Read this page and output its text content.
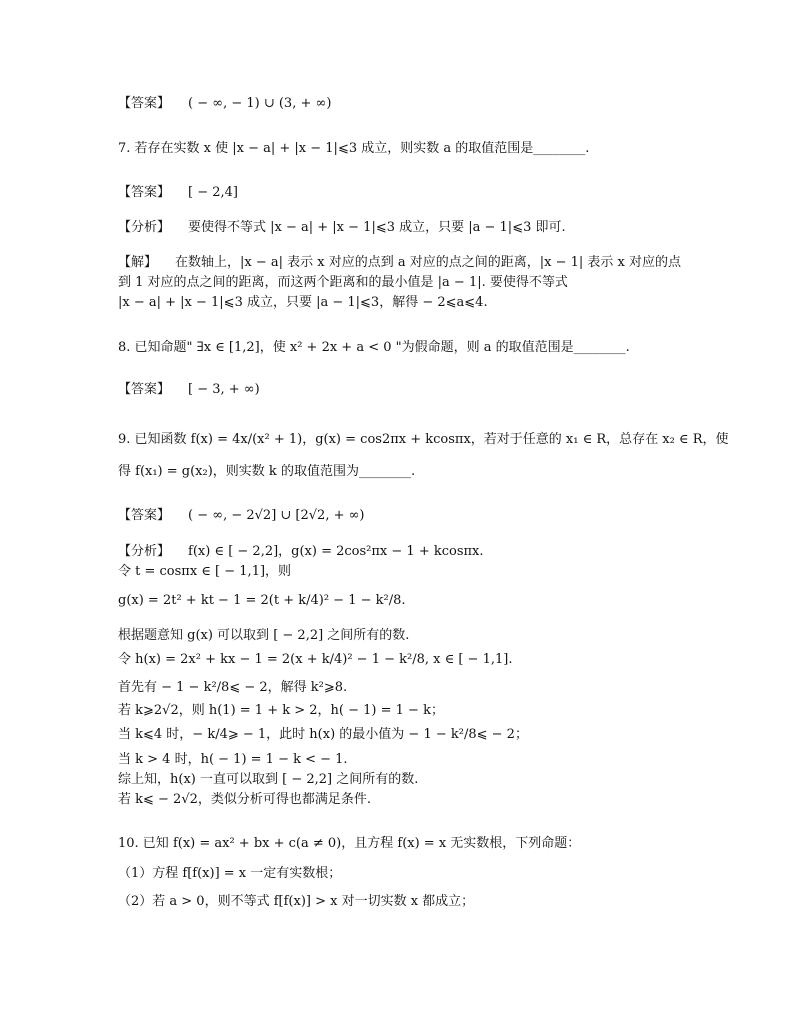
【答案】 ( − ∞, − 1) ∪ (3, + ∞)
7. 若存在实数 x 使 |x − a| + |x − 1|⩽3 成立，则实数 a 的取值范围是________.
【答案】 [ − 2,4]
【分析】 要使得不等式 |x − a| + |x − 1|⩽3 成立，只要 |a − 1|⩽3 即可.
【解】 在数轴上，|x − a| 表示 x 对应的点到 a 对应的点之间的距离，|x − 1| 表示 x 对应的点
到 1 对应的点之间的距离，而这两个距离和的最小值是 |a − 1|. 要使得不等式
|x − a| + |x − 1|⩽3 成立，只要 |a − 1|⩽3，解得 − 2⩽a⩽4.
8. 已知命题" ∃x ∈ [1,2]，使 x² + 2x + a < 0 "为假命题，则 a 的取值范围是________.
【答案】 [ − 3, + ∞)
9. 已知函数 f(x) = 4x/(x² + 1)，g(x) = cos2πx + kcosπx，若对于任意的 x₁ ∈ R，总存在 x₂ ∈ R，使
得 f(x₁) = g(x₂)，则实数 k 的取值范围为________.
【答案】 ( − ∞, − 2√2] ∪ [2√2, + ∞)
【分析】 f(x) ∈ [ − 2,2]，g(x) = 2cos²πx − 1 + kcosπx.
令 t = cosπx ∈ [ − 1,1]，则
g(x) = 2t² + kt − 1 = 2(t + k/4)² − 1 − k²/8.
根据题意知 g(x) 可以取到 [ − 2,2] 之间所有的数.
令 h(x) = 2x² + kx − 1 = 2(x + k/4)² − 1 − k²/8, x ∈ [ − 1,1].
首先有 − 1 − k²/8⩽ − 2，解得 k²⩾8.
若 k⩾2√2，则 h(1) = 1 + k > 2，h( − 1) = 1 − k；
当 k⩽4 时，− k/4⩾ − 1，此时 h(x) 的最小值为 − 1 − k²/8⩽ − 2；
当 k > 4 时，h( − 1) = 1 − k < − 1.
综上知，h(x) 一直可以取到 [ − 2,2] 之间所有的数.
若 k⩽ − 2√2，类似分析可得也都满足条件.
10. 已知 f(x) = ax² + bx + c(a ≠ 0)，且方程 f(x) = x 无实数根，下列命题：
（1）方程 f[f(x)] = x 一定有实数根；
（2）若 a > 0，则不等式 f[f(x)] > x 对一切实数 x 都成立；
